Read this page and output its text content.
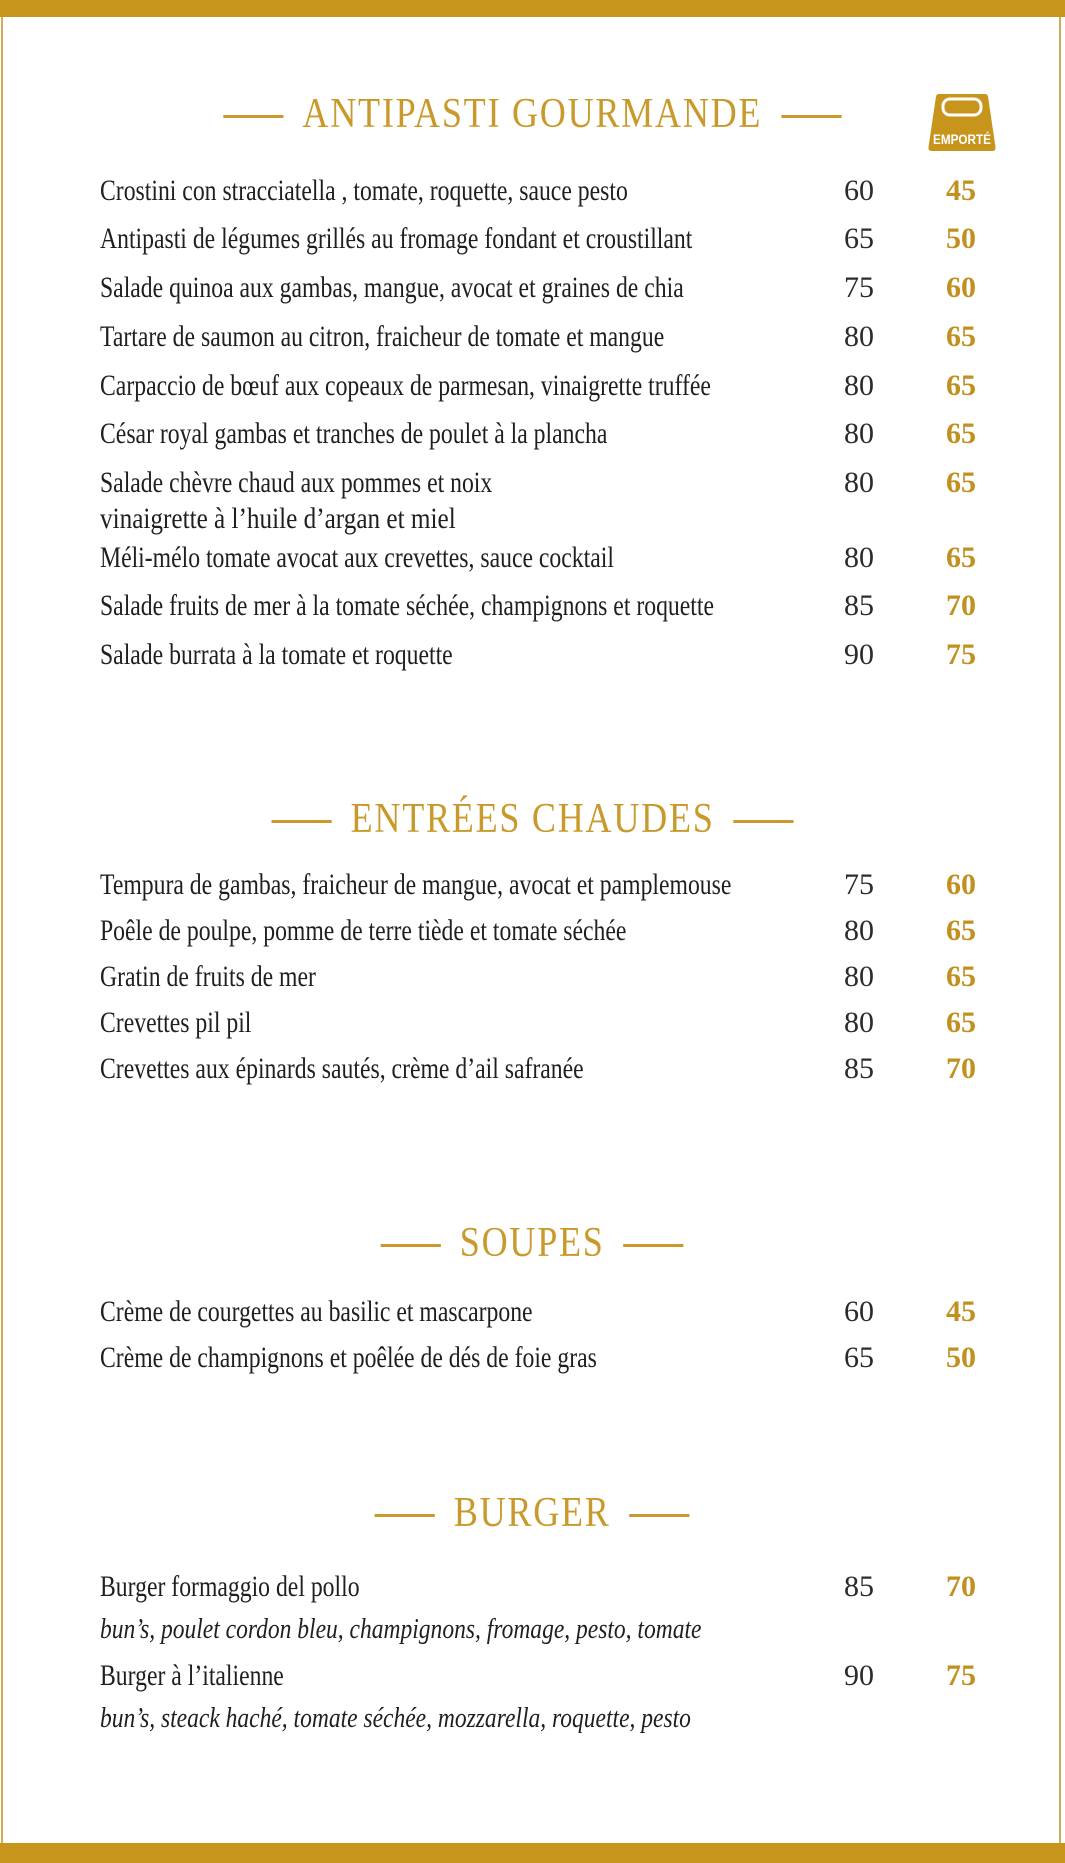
EMPORTÉ
ANTIPASTI GOURMANDE
Crostini con stracciatella , tomate, roquette, sauce pesto	60	45
Antipasti de légumes grillés au fromage fondant et croustillant	65	50
Salade quinoa aux gambas, mangue, avocat et graines de chia	75	60
Tartare de saumon au citron, fraicheur de tomate et mangue	80	65
Carpaccio de bœuf aux copeaux de parmesan, vinaigrette truffée	80	65
César royal gambas et tranches de poulet à la plancha	80	65
Salade chèvre chaud aux pommes et noix	80	65
vinaigrette à l’huile d’argan et miel
Méli-mélo tomate avocat aux crevettes, sauce cocktail	80	65
Salade fruits de mer à la tomate séchée, champignons et roquette	85	70
Salade burrata à la tomate et roquette	90	75
ENTRÉES CHAUDES
Tempura de gambas, fraicheur de mangue, avocat et pamplemouse	75	60
Poêle de poulpe, pomme de terre tiède et tomate séchée	80	65
Gratin de fruits de mer	80	65
Crevettes pil pil	80	65
Crevettes aux épinards sautés, crème d’ail safranée	85	70
SOUPES
Crème de courgettes au basilic et mascarpone	60	45
Crème de champignons et poêlée de dés de foie gras	65	50
BURGER
Burger formaggio del pollo	85	70
bun’s, poulet cordon bleu, champignons, fromage, pesto, tomate
Burger à l’italienne	90	75
bun’s, steack haché, tomate séchée, mozzarella, roquette, pesto
